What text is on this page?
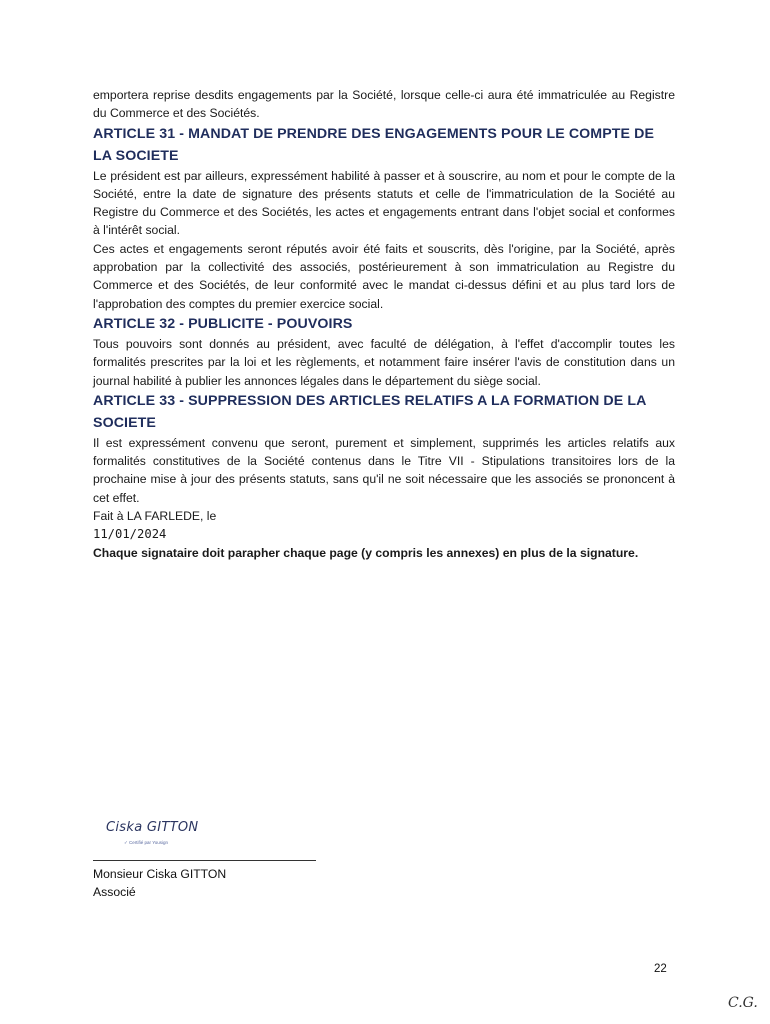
emportera reprise desdits engagements par la Société, lorsque celle-ci aura été immatriculée au Registre du Commerce et des Sociétés.

ARTICLE 31 - MANDAT DE PRENDRE DES ENGAGEMENTS POUR LE COMPTE DE LA SOCIETE

Le président est par ailleurs, expressément habilité à passer et à souscrire, au nom et pour le compte de la Société, entre la date de signature des présents statuts et celle de l'immatriculation de la Société au Registre du Commerce et des Sociétés, les actes et engagements entrant dans l'objet social et conformes à l'intérêt social.

Ces actes et engagements seront réputés avoir été faits et souscrits, dès l'origine, par la Société, après approbation par la collectivité des associés, postérieurement à son immatriculation au Registre du Commerce et des Sociétés, de leur conformité avec le mandat ci-dessus défini et au plus tard lors de l'approbation des comptes du premier exercice social.

ARTICLE 32 - PUBLICITE - POUVOIRS

Tous pouvoirs sont donnés au président, avec faculté de délégation, à l'effet d'accomplir toutes les formalités prescrites par la loi et les règlements, et notamment faire insérer l'avis de constitution dans un journal habilité à publier les annonces légales dans le département du siège social.

ARTICLE 33 - SUPPRESSION DES ARTICLES RELATIFS A LA FORMATION DE LA SOCIETE

Il est expressément convenu que seront, purement et simplement, supprimés les articles relatifs aux formalités constitutives de la Société contenus dans le Titre VII - Stipulations transitoires lors de la prochaine mise à jour des présents statuts, sans qu'il ne soit nécessaire que les associés se prononcent à cet effet.

Fait à LA FARLEDE, le

11/01/2024

Chaque signataire doit parapher chaque page (y compris les annexes) en plus de la signature.

Ciska GITTON
✓ Certifié par Yousign
Monsieur Ciska GITTON
Associé
22
C.G.
